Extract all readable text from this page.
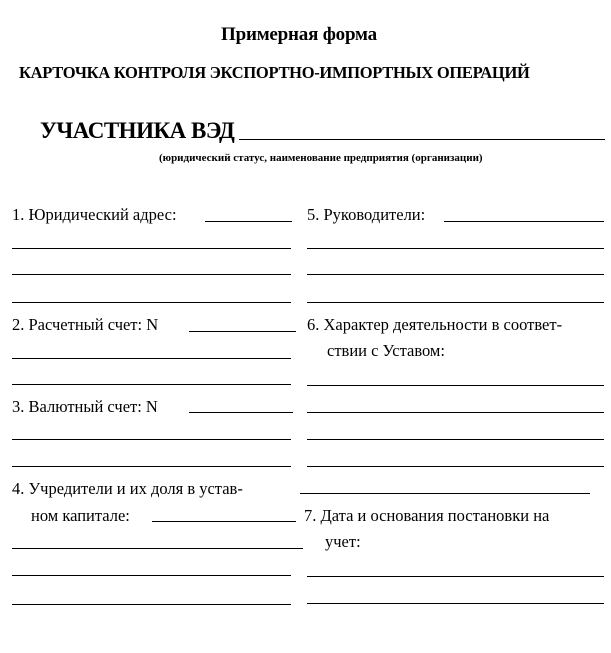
Примерная форма
КАРТОЧКА КОНТРОЛЯ ЭКСПОРТНО-ИМПОРТНЫХ ОПЕРАЦИЙ
УЧАСТНИКА ВЭД
(юридический статус, наименование предприятия (организации)
1. Юридический адрес:	5. Руководители:
2. Расчетный счет: N	6. Характер деятельности в соответ-
ствии с Уставом:
3. Валютный счет: N
4. Учредители и их доля в устав-
ном капитале:	7. Дата и основания постановки на
учет:
